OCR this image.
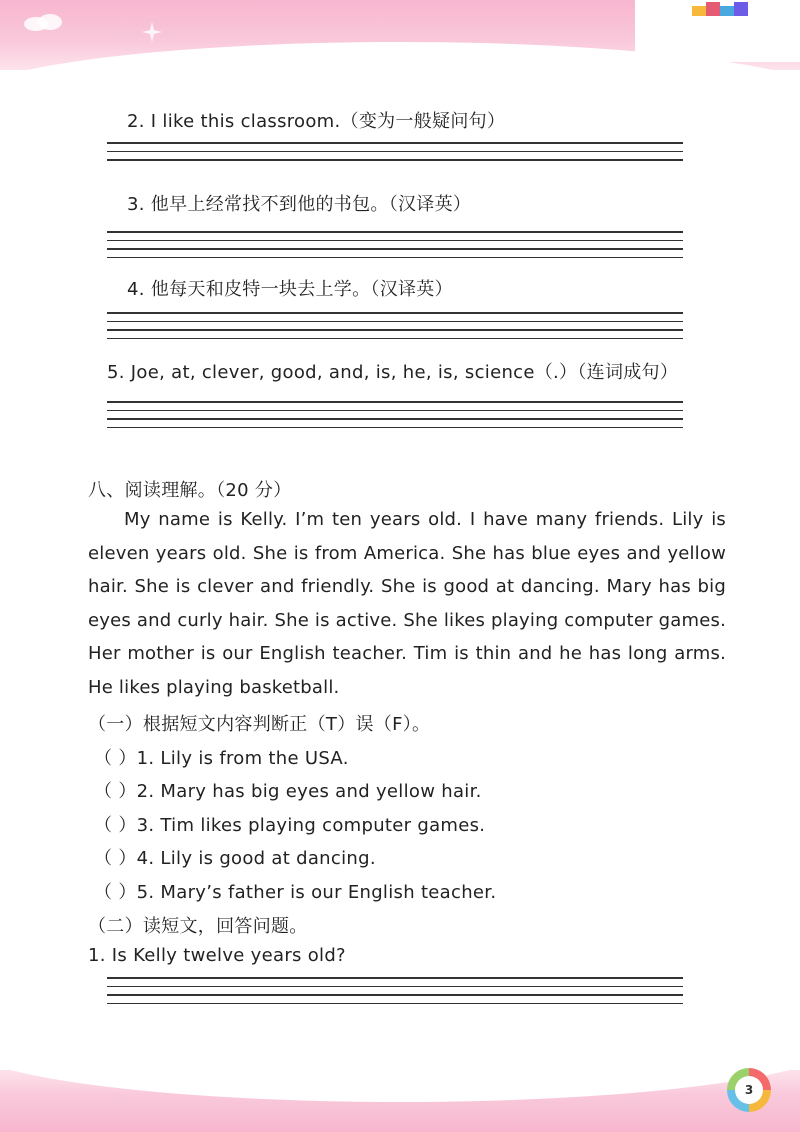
2. I like this classroom.（变为一般疑问句）
3. 他早上经常找不到他的书包。（汉译英）
4. 他每天和皮特一块去上学。（汉译英）
5. Joe, at, clever, good, and, is, he, is, science（.）（连词成句）
八、阅读理解。（20 分）
My name is Kelly. I’m ten years old. I have many friends. Lily is eleven years old. She is from America. She has blue eyes and yellow hair. She is clever and friendly. She is good at dancing. Mary has big eyes and curly hair. She is active. She likes playing computer games. Her mother is our English teacher. Tim is thin and he has long arms. He likes playing basketball.
（一）根据短文内容判断正（T）误（F）。
（ ）1. Lily is from the USA.
（ ）2. Mary has big eyes and yellow hair.
（ ）3. Tim likes playing computer games.
（ ）4. Lily is good at dancing.
（ ）5. Mary’s father is our English teacher.
（二）读短文，回答问题。
1. Is Kelly twelve years old?
3
